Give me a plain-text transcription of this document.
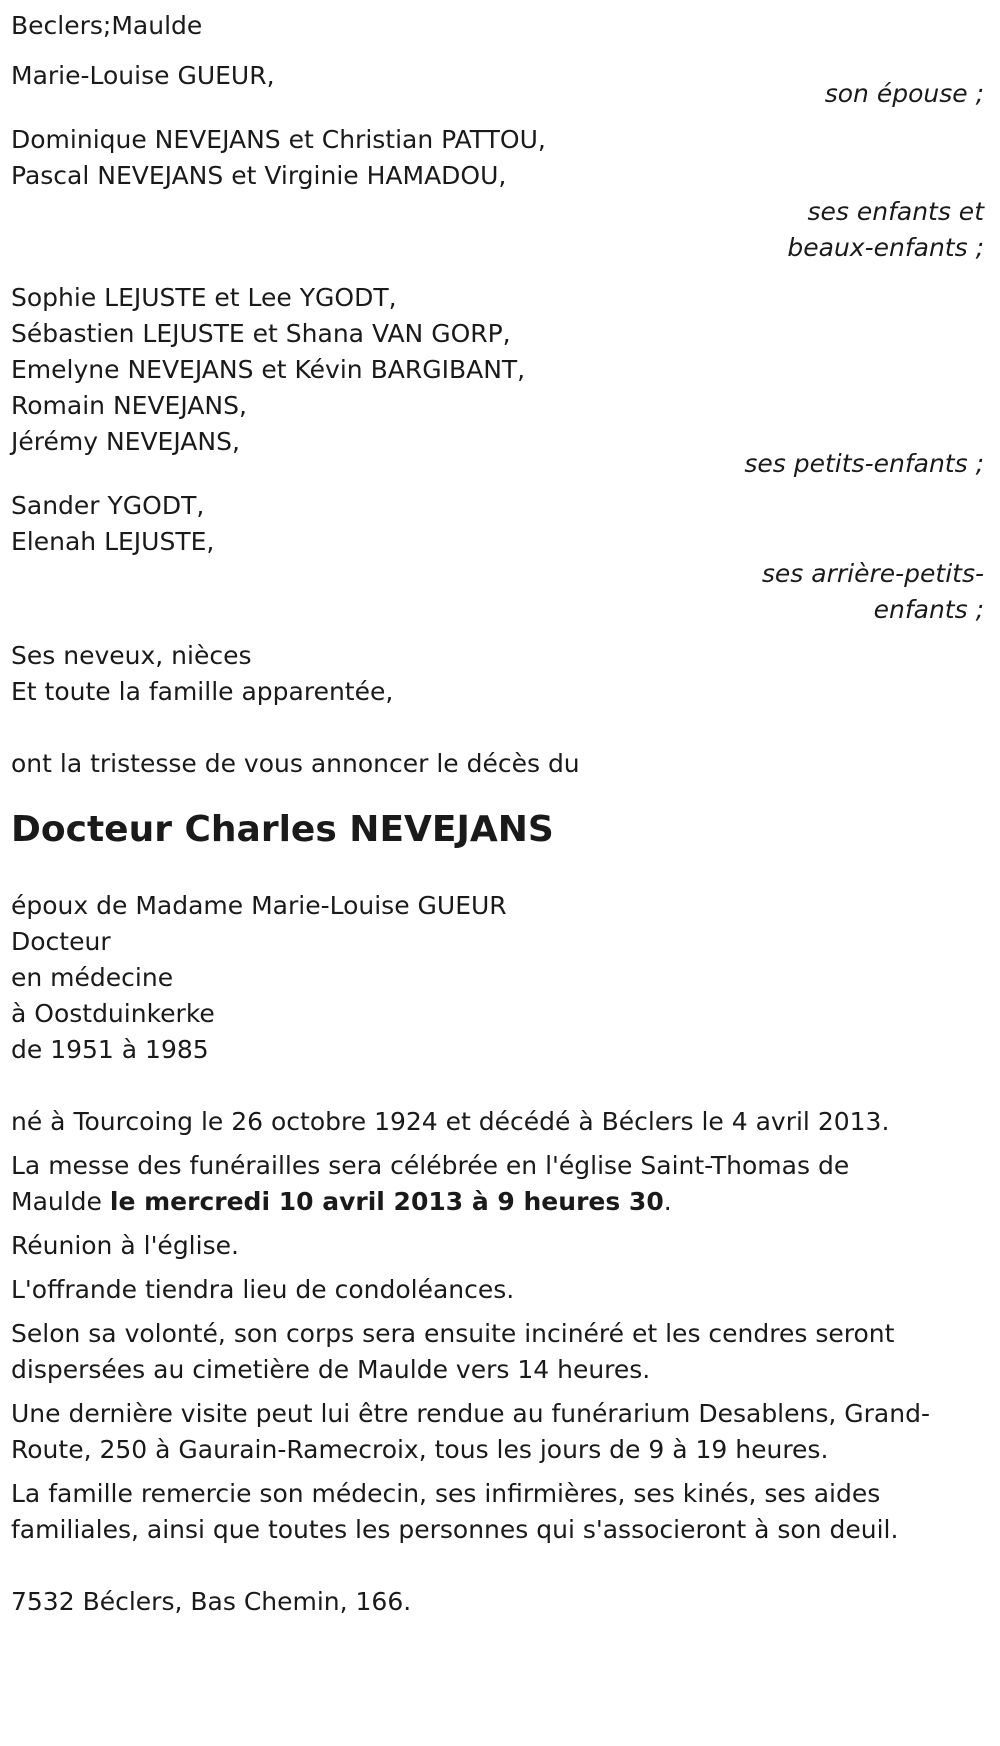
Beclers;Maulde
Marie-Louise GUEUR,
son épouse ;
Dominique NEVEJANS et Christian PATTOU,
Pascal NEVEJANS et Virginie HAMADOU,
ses enfants et
beaux-enfants ;
Sophie LEJUSTE et Lee YGODT,
Sébastien LEJUSTE et Shana VAN GORP,
Emelyne NEVEJANS et Kévin BARGIBANT,
Romain NEVEJANS,
Jérémy NEVEJANS,
ses petits-enfants ;
Sander YGODT,
Elenah LEJUSTE,
ses arrière-petits-
enfants ;
Ses neveux, nièces
Et toute la famille apparentée,
ont la tristesse de vous annoncer le décès du
Docteur Charles NEVEJANS
époux de Madame Marie-Louise GUEUR
Docteur
en médecine
à Oostduinkerke
de 1951 à 1985
né à Tourcoing le 26 octobre 1924 et décédé à Béclers le 4 avril 2013.
La messe des funérailles sera célébrée en l'église Saint-Thomas de
Maulde le mercredi 10 avril 2013 à 9 heures 30.
Réunion à l'église.
L'offrande tiendra lieu de condoléances.
Selon sa volonté, son corps sera ensuite incinéré et les cendres seront
dispersées au cimetière de Maulde vers 14 heures.
Une dernière visite peut lui être rendue au funérarium Desablens, Grand-
Route, 250 à Gaurain-Ramecroix, tous les jours de 9 à 19 heures.
La famille remercie son médecin, ses infirmières, ses kinés, ses aides
familiales, ainsi que toutes les personnes qui s'associeront à son deuil.
7532 Béclers, Bas Chemin, 166.
